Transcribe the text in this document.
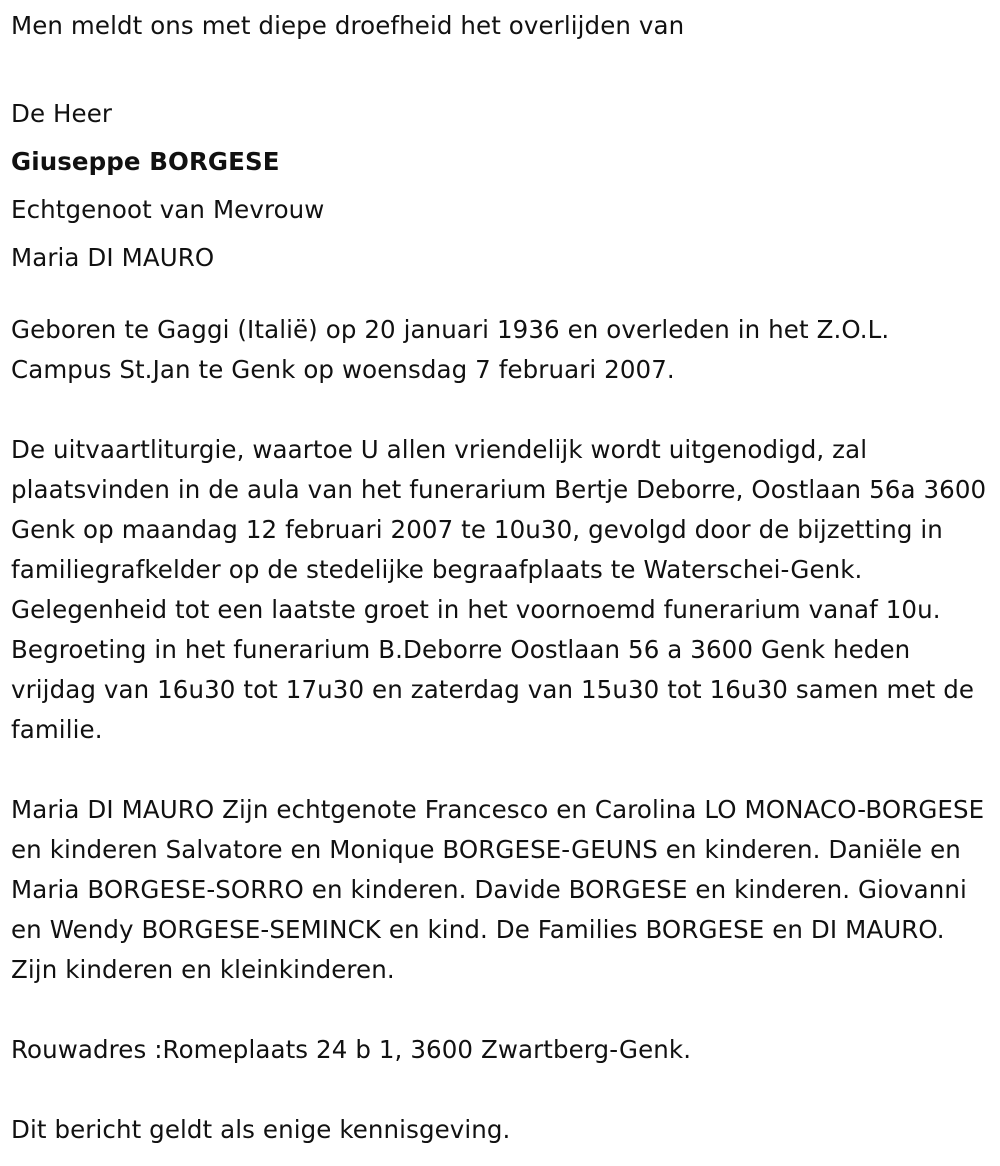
Men meldt ons met diepe droefheid het overlijden van

De Heer

Giuseppe BORGESE

Echtgenoot van Mevrouw

Maria DI MAURO

Geboren te Gaggi (Italië) op 20 januari 1936 en overleden in het Z.O.L. Campus St.Jan te Genk op woensdag 7 februari 2007.

De uitvaartliturgie, waartoe U allen vriendelijk wordt uitgenodigd, zal plaatsvinden in de aula van het funerarium Bertje Deborre, Oostlaan 56a 3600 Genk op maandag 12 februari 2007 te 10u30, gevolgd door de bijzetting in familiegrafkelder op de stedelijke begraafplaats te Waterschei-Genk. Gelegenheid tot een laatste groet in het voornoemd funerarium vanaf 10u. Begroeting in het funerarium B.Deborre Oostlaan 56 a 3600 Genk heden vrijdag van 16u30 tot 17u30 en zaterdag van 15u30 tot 16u30 samen met de familie.

Maria DI MAURO Zijn echtgenote Francesco en Carolina LO MONACO-BORGESE en kinderen Salvatore en Monique BORGESE-GEUNS en kinderen. Daniële en Maria BORGESE-SORRO en kinderen. Davide BORGESE en kinderen. Giovanni en Wendy BORGESE-SEMINCK en kind. De Families BORGESE en DI MAURO. Zijn kinderen en kleinkinderen.

Rouwadres :Romeplaats 24 b 1, 3600 Zwartberg-Genk.

Dit bericht geldt als enige kennisgeving.
